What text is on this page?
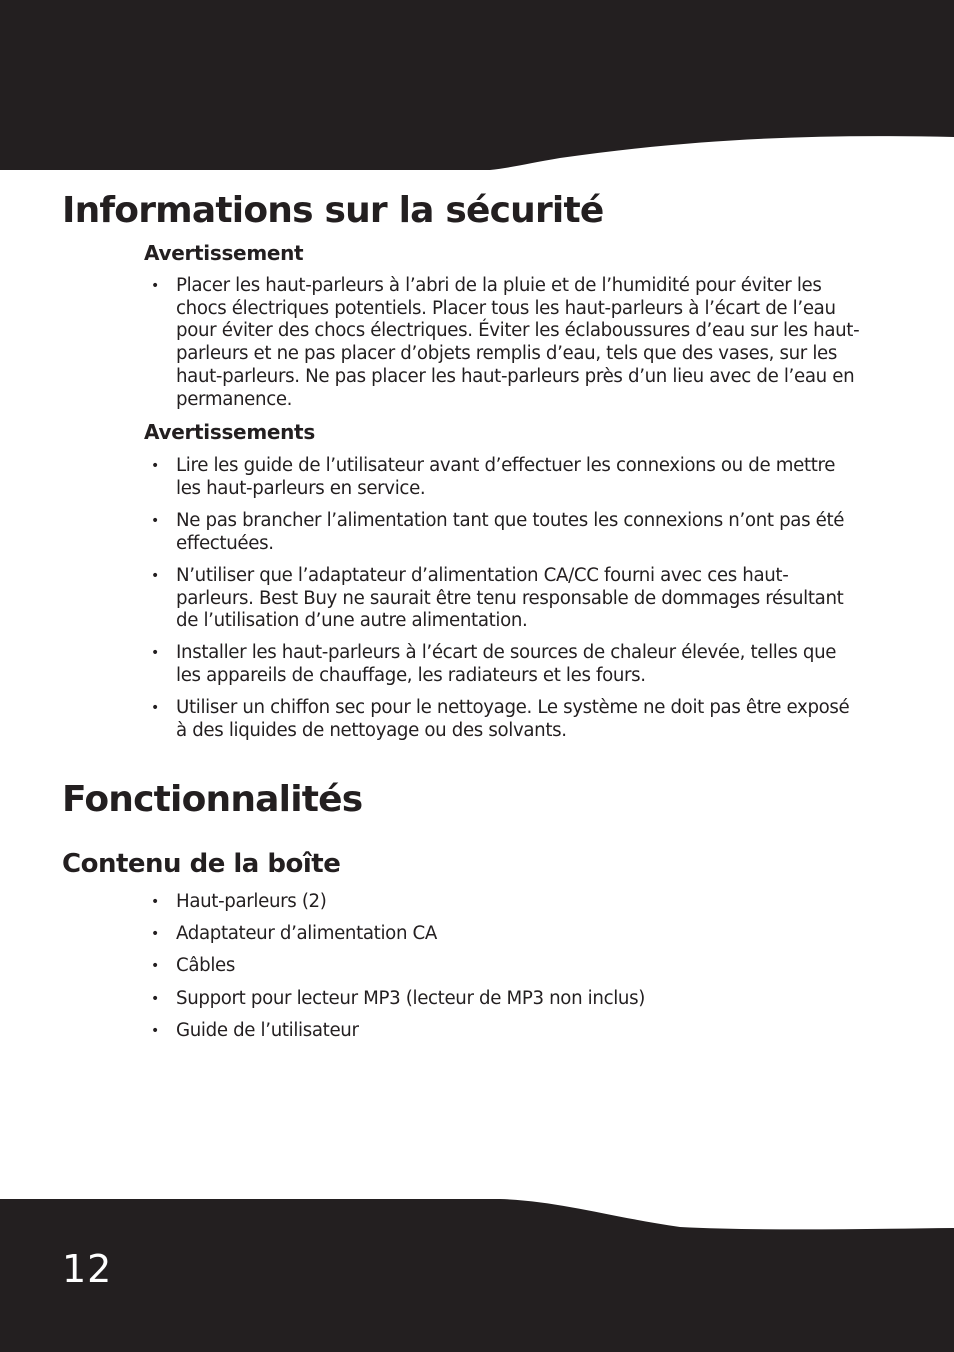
12
Informations sur la sécurité
Avertissement
• Placer les haut-parleurs à l’abri de la pluie et de l’humidité pour éviter les chocs électriques potentiels. Placer tous les haut-parleurs à l’écart de l’eau pour éviter des chocs électriques. Éviter les éclaboussures d’eau sur les haut-parleurs et ne pas placer d’objets remplis d’eau, tels que des vases, sur les haut-parleurs. Ne pas placer les haut-parleurs près d’un lieu avec de l’eau en permanence.
Avertissements
• Lire les guide de l’utilisateur avant d’effectuer les connexions ou de mettre les haut-parleurs en service.
• Ne pas brancher l’alimentation tant que toutes les connexions n’ont pas été effectuées.
• N’utiliser que l’adaptateur d’alimentation CA/CC fourni avec ces haut-parleurs. Best Buy ne saurait être tenu responsable de dommages résultant de l’utilisation d’une autre alimentation.
• Installer les haut-parleurs à l’écart de sources de chaleur élevée, telles que les appareils de chauffage, les radiateurs et les fours.
• Utiliser un chiffon sec pour le nettoyage. Le système ne doit pas être exposé à des liquides de nettoyage ou des solvants.
Fonctionnalités
Contenu de la boîte
• Haut-parleurs (2)
• Adaptateur d’alimentation CA
• Câbles
• Support pour lecteur MP3 (lecteur de MP3 non inclus)
• Guide de l’utilisateur
